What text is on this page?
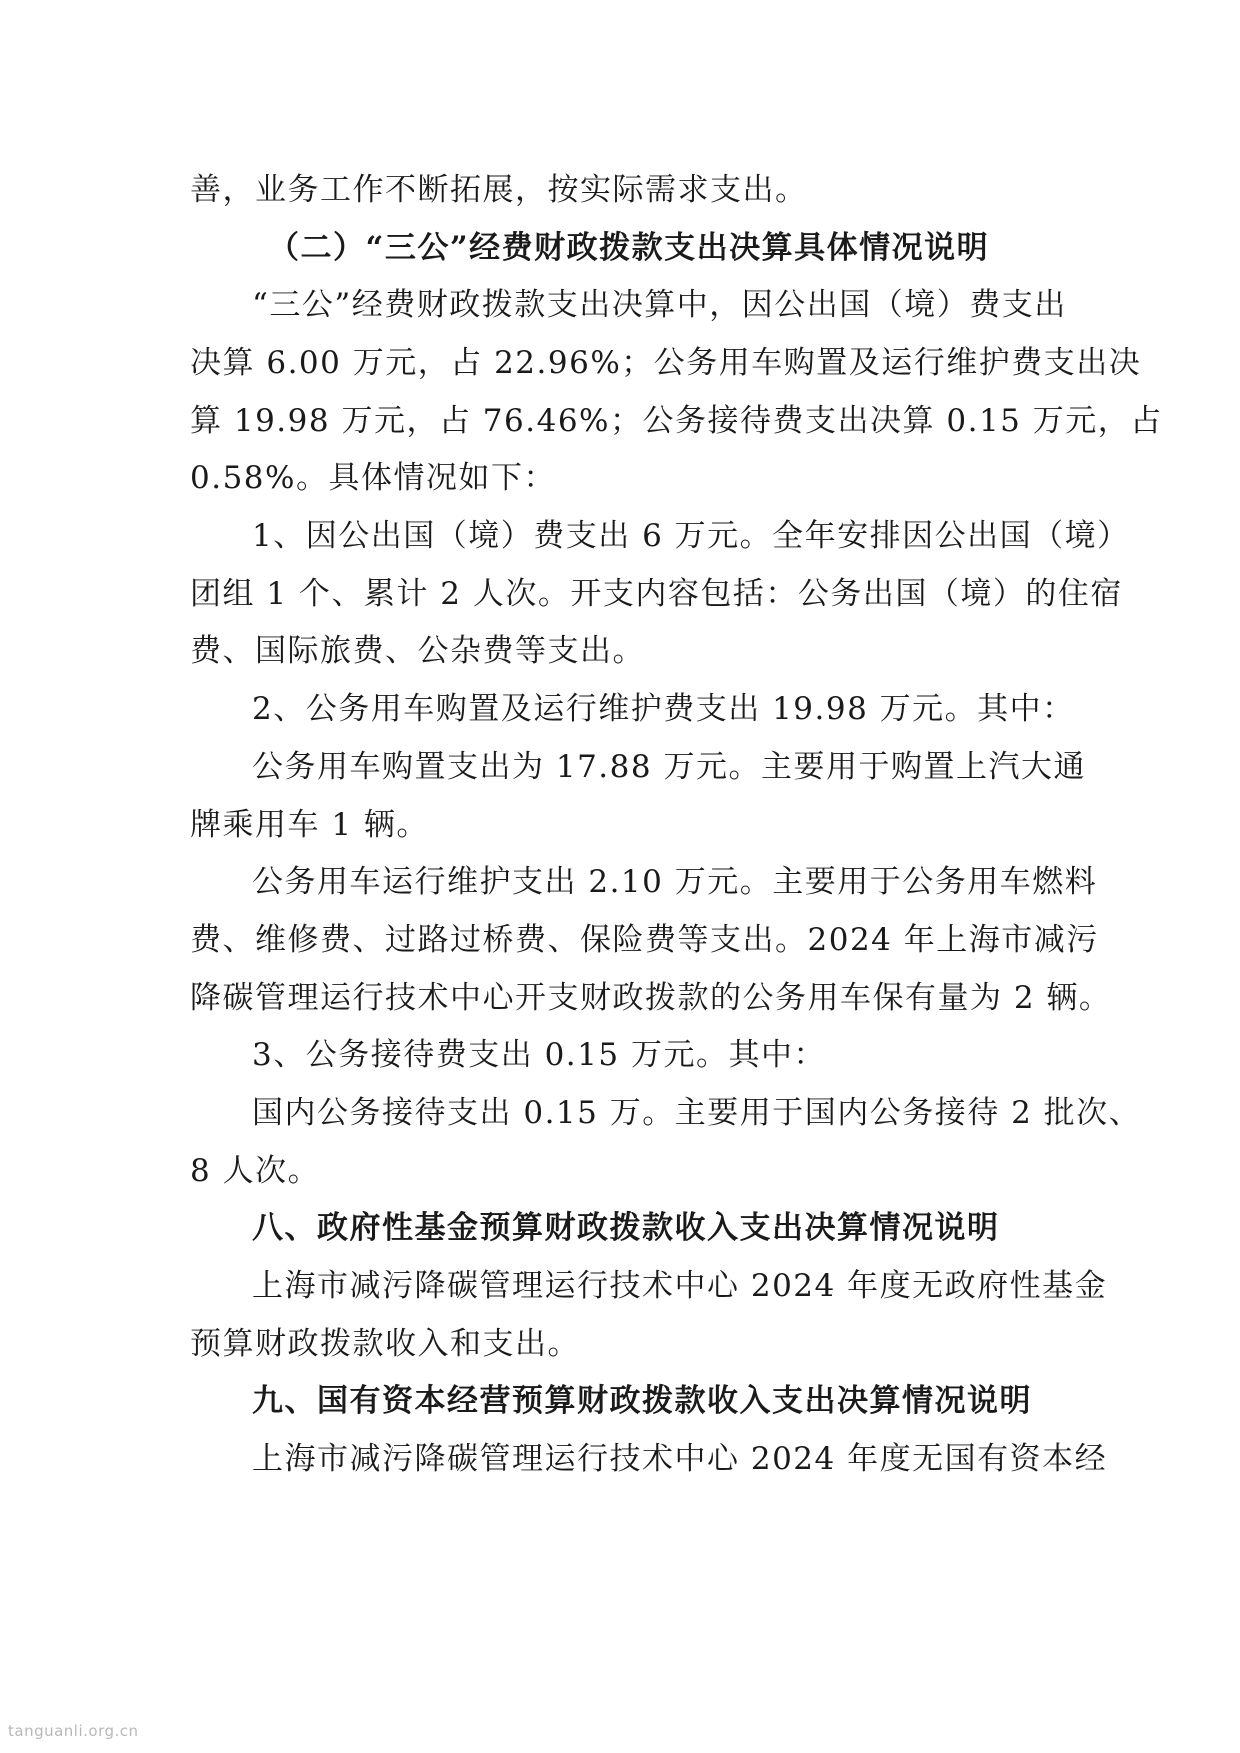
善，业务工作不断拓展，按实际需求支出。
（二）“三公”经费财政拨款支出决算具体情况说明
“三公”经费财政拨款支出决算中，因公出国（境）费支出
决算 6.00 万元，占 22.96%；公务用车购置及运行维护费支出决
算 19.98 万元，占 76.46%；公务接待费支出决算 0.15 万元，占
0.58%。具体情况如下：
1、因公出国（境）费支出 6 万元。全年安排因公出国（境）
团组 1 个、累计 2 人次。开支内容包括：公务出国（境）的住宿
费、国际旅费、公杂费等支出。
2、公务用车购置及运行维护费支出 19.98 万元。其中：
公务用车购置支出为 17.88 万元。主要用于购置上汽大通
牌乘用车 1 辆。
公务用车运行维护支出 2.10 万元。主要用于公务用车燃料
费、维修费、过路过桥费、保险费等支出。2024 年上海市减污
降碳管理运行技术中心开支财政拨款的公务用车保有量为 2 辆。
3、公务接待费支出 0.15 万元。其中：
国内公务接待支出 0.15 万。主要用于国内公务接待 2 批次、
8 人次。
八、政府性基金预算财政拨款收入支出决算情况说明
上海市减污降碳管理运行技术中心 2024 年度无政府性基金
预算财政拨款收入和支出。
九、国有资本经营预算财政拨款收入支出决算情况说明
上海市减污降碳管理运行技术中心 2024 年度无国有资本经
tanguanli.org.cn
